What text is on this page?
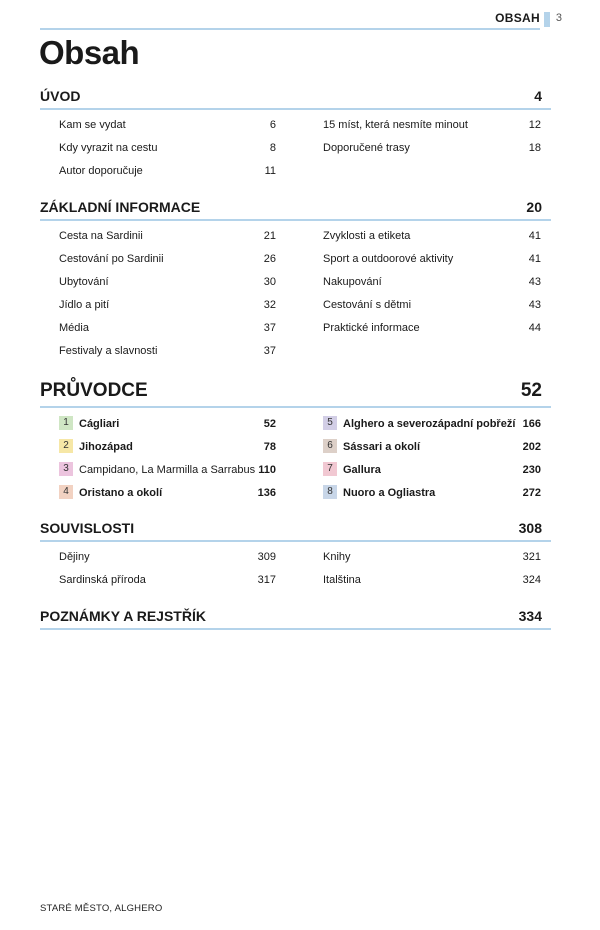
OBSAH 3
Obsah
ÚVOD	4
Kam se vydat	6
Kdy vyrazit na cestu	8
Autor doporučuje	11
15 míst, která nesmíte minout	12
Doporučené trasy	18
ZÁKLADNÍ INFORMACE	20
Cesta na Sardinii	21
Cestování po Sardinii	26
Ubytování	30
Jídlo a pití	32
Média	37
Festivaly a slavnosti	37
Zvyklosti a etiketa	41
Sport a outdoorové aktivity	41
Nakupování	43
Cestování s dětmi	43
Praktické informace	44
PRŮVODCE	52
1 Cágliari	52
2 Jihozápad	78
3 Campidano, La Marmilla a Sarrabus 110
4 Oristano a okolí	136
5 Alghero a severozápadní pobřeží 166
6 Sássari a okolí	202
7 Gallura	230
8 Nuoro a Ogliastra	272
SOUVISLOSTI	308
Dějiny	309
Sardinská příroda	317
Knihy	321
Italština	324
POZNÁMKY A REJSTŘÍK	334
STARÉ MĚSTO, ALGHERO
